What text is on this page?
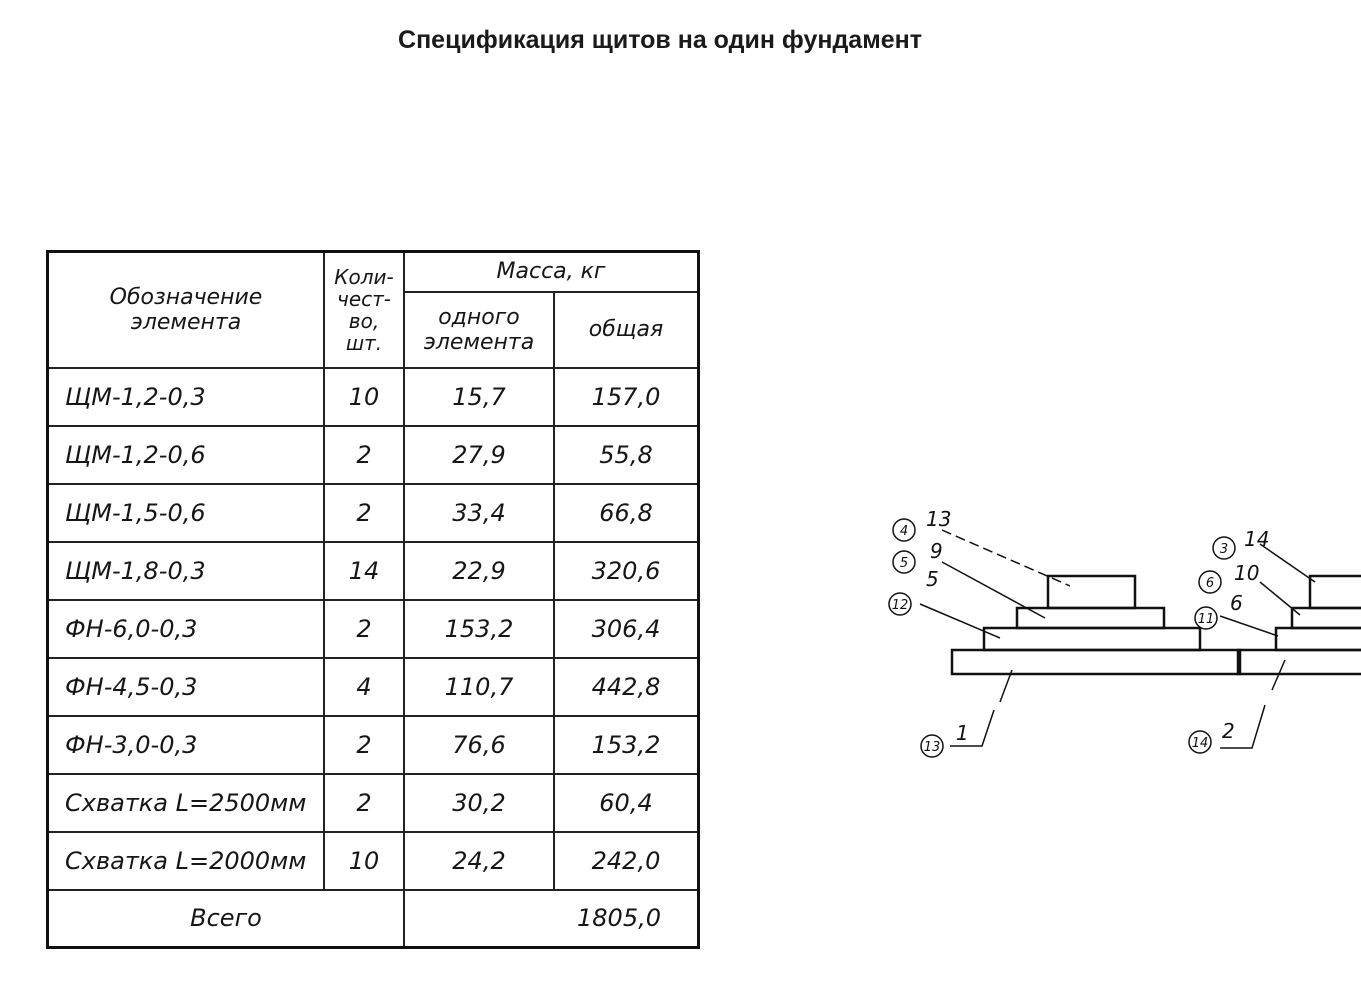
Спецификация щитов на один фундамент
Обозначение элемента	Коли-чест-во, шт.	Масса, кг	
		одного элемента	общая
ЩМ-1,2-0,3	10	15,7	157,0
ЩМ-1,2-0,6	2	27,9	55,8
ЩМ-1,5-0,6	2	33,4	66,8
ЩМ-1,8-0,3	14	22,9	320,6
ФН-6,0-0,3	2	153,2	306,4
ФН-4,5-0,3	4	110,7	442,8
ФН-3,0-0,3	2	76,6	153,2
Схватка L=2500мм	2	30,2	60,4
Схватка L=2000мм	10	24,2	242,0
Всего		1805,0	
4
5
12
13
3
6
11
14
13
9
5
1
14
10
6
2
